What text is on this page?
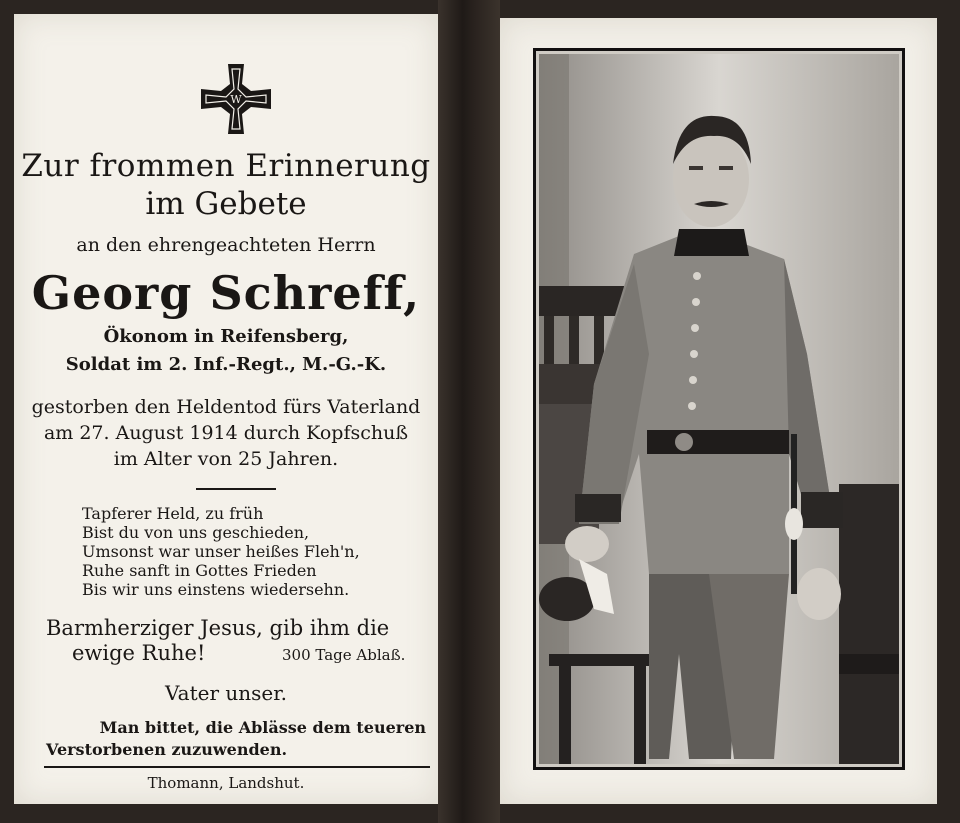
W
Zur frommen Erinnerung
im Gebete
an den ehrengeachteten Herrn
Georg Schreff,
Ökonom in Reifensberg,
Soldat im 2. Inf.-Regt., M.-G.-K.
gestorben den Heldentod fürs Vaterland
am 27. August 1914 durch Kopfschuß
im Alter von 25 Jahren.
Tapferer Held, zu früh
Bist du von uns geschieden,
Umsonst war unser heißes Fleh'n,
Ruhe sanft in Gottes Frieden
Bis wir uns einstens wiedersehn.
Barmherziger Jesus, gib ihm die
ewige Ruhe!	300 Tage Ablaß.
Vater unser.
Man bittet, die Ablässe dem teueren
Verstorbenen zuzuwenden.
Thomann, Landshut.
